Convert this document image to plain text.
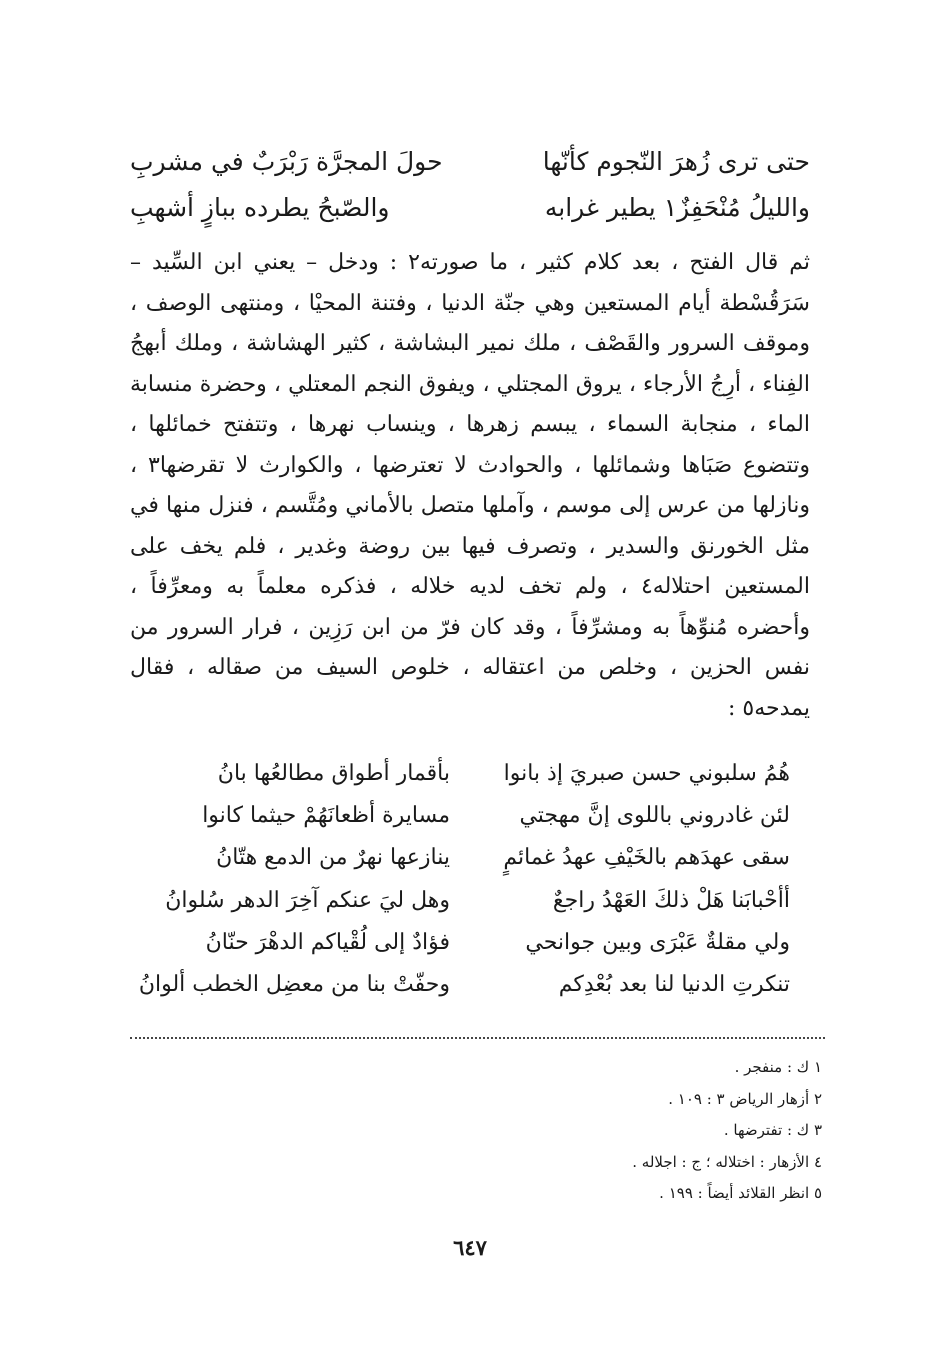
حتى ترى زُهرَ النّجوم كأنّها
حولَ المجرَّة رَبْرَبٌ في مشربِ
والليلُ مُنْحَفِزٌ١ يطير غرابه
والصّبحُ يطرده ببازٍ أشهبِ

ثم قال الفتح ، بعد كلام كثير ، ما صورته٢ : ودخل – يعني ابن السِّيد – سَرَقُسْطة أيام المستعين وهي جنّة الدنيا ، وفتنة المحيْا ، ومنتهى الوصف ، وموقف السرور والقَصْف ، ملك نمير البشاشة ، كثير الهشاشة ، وملك أبهجُ الفِناء ، أرِجُ الأرجاء ، يروق المجتلي ، ويفوق النجم المعتلي ، وحضرة منسابة الماء ، منجابة السماء ، يبسم زهرها ، وينساب نهرها ، وتتفتح خمائلها ، وتتضوع صَبَاها وشمائلها ، والحوادث لا تعترضها ، والكوارث لا تقرضها٣ ، ونازلها من عرس إلى موسم ، وآملها متصل بالأماني ومُتَّسم ، فنزل منها في مثل الخورنق والسدير ، وتصرف فيها بين روضة وغدير ، فلم يخف على المستعين احتلاله٤ ، ولم تخف لديه خلاله ، فذكره معلماً به ومعرِّفاً ، وأحضره مُنوِّهاً به ومشرِّفاً ، وقد كان فرّ من ابن رَزِين ، فرار السرور من نفس الحزين ، وخلص من اعتقاله ، خلوص السيف من صقاله ، فقال يمدحه٥ :

هُمُ سلبوني حسن صبريَ إذ بانوا
بأقمار أطواق مطالعُها بانُ
لئن غادروني باللوى إنَّ مهجتي
مسايرة أظعانَهُمْ حيثما كانوا
سقى عهدَهم بالخَيْفِ عهدُ غمائمٍ
ينازعها نهرٌ من الدمع هتّانُ
أأحْبابَنا هَلْ ذلكَ العَهْدُ راجعٌ
وهل ليَ عنكم آخِرَ الدهر سُلوانُ
ولي مقلةٌ عَبْرَى وبين جوانحي
فؤادٌ إلى لُقْياكم الدهْرَ حنّانُ
تنكرتِ الدنيا لنا بعد بُعْدِكم
وحفّتْ بنا من معضِل الخطب ألوانُ
١ ك : منفجر .
٢ أزهار الرياض ٣ : ١٠٩ .
٣ ك : تفترضها .
٤ الأزهار : اختلاله ؛ ج : اجلاله .
٥ انظر القلائد أيضاً : ١٩٩ .
٦٤٧
